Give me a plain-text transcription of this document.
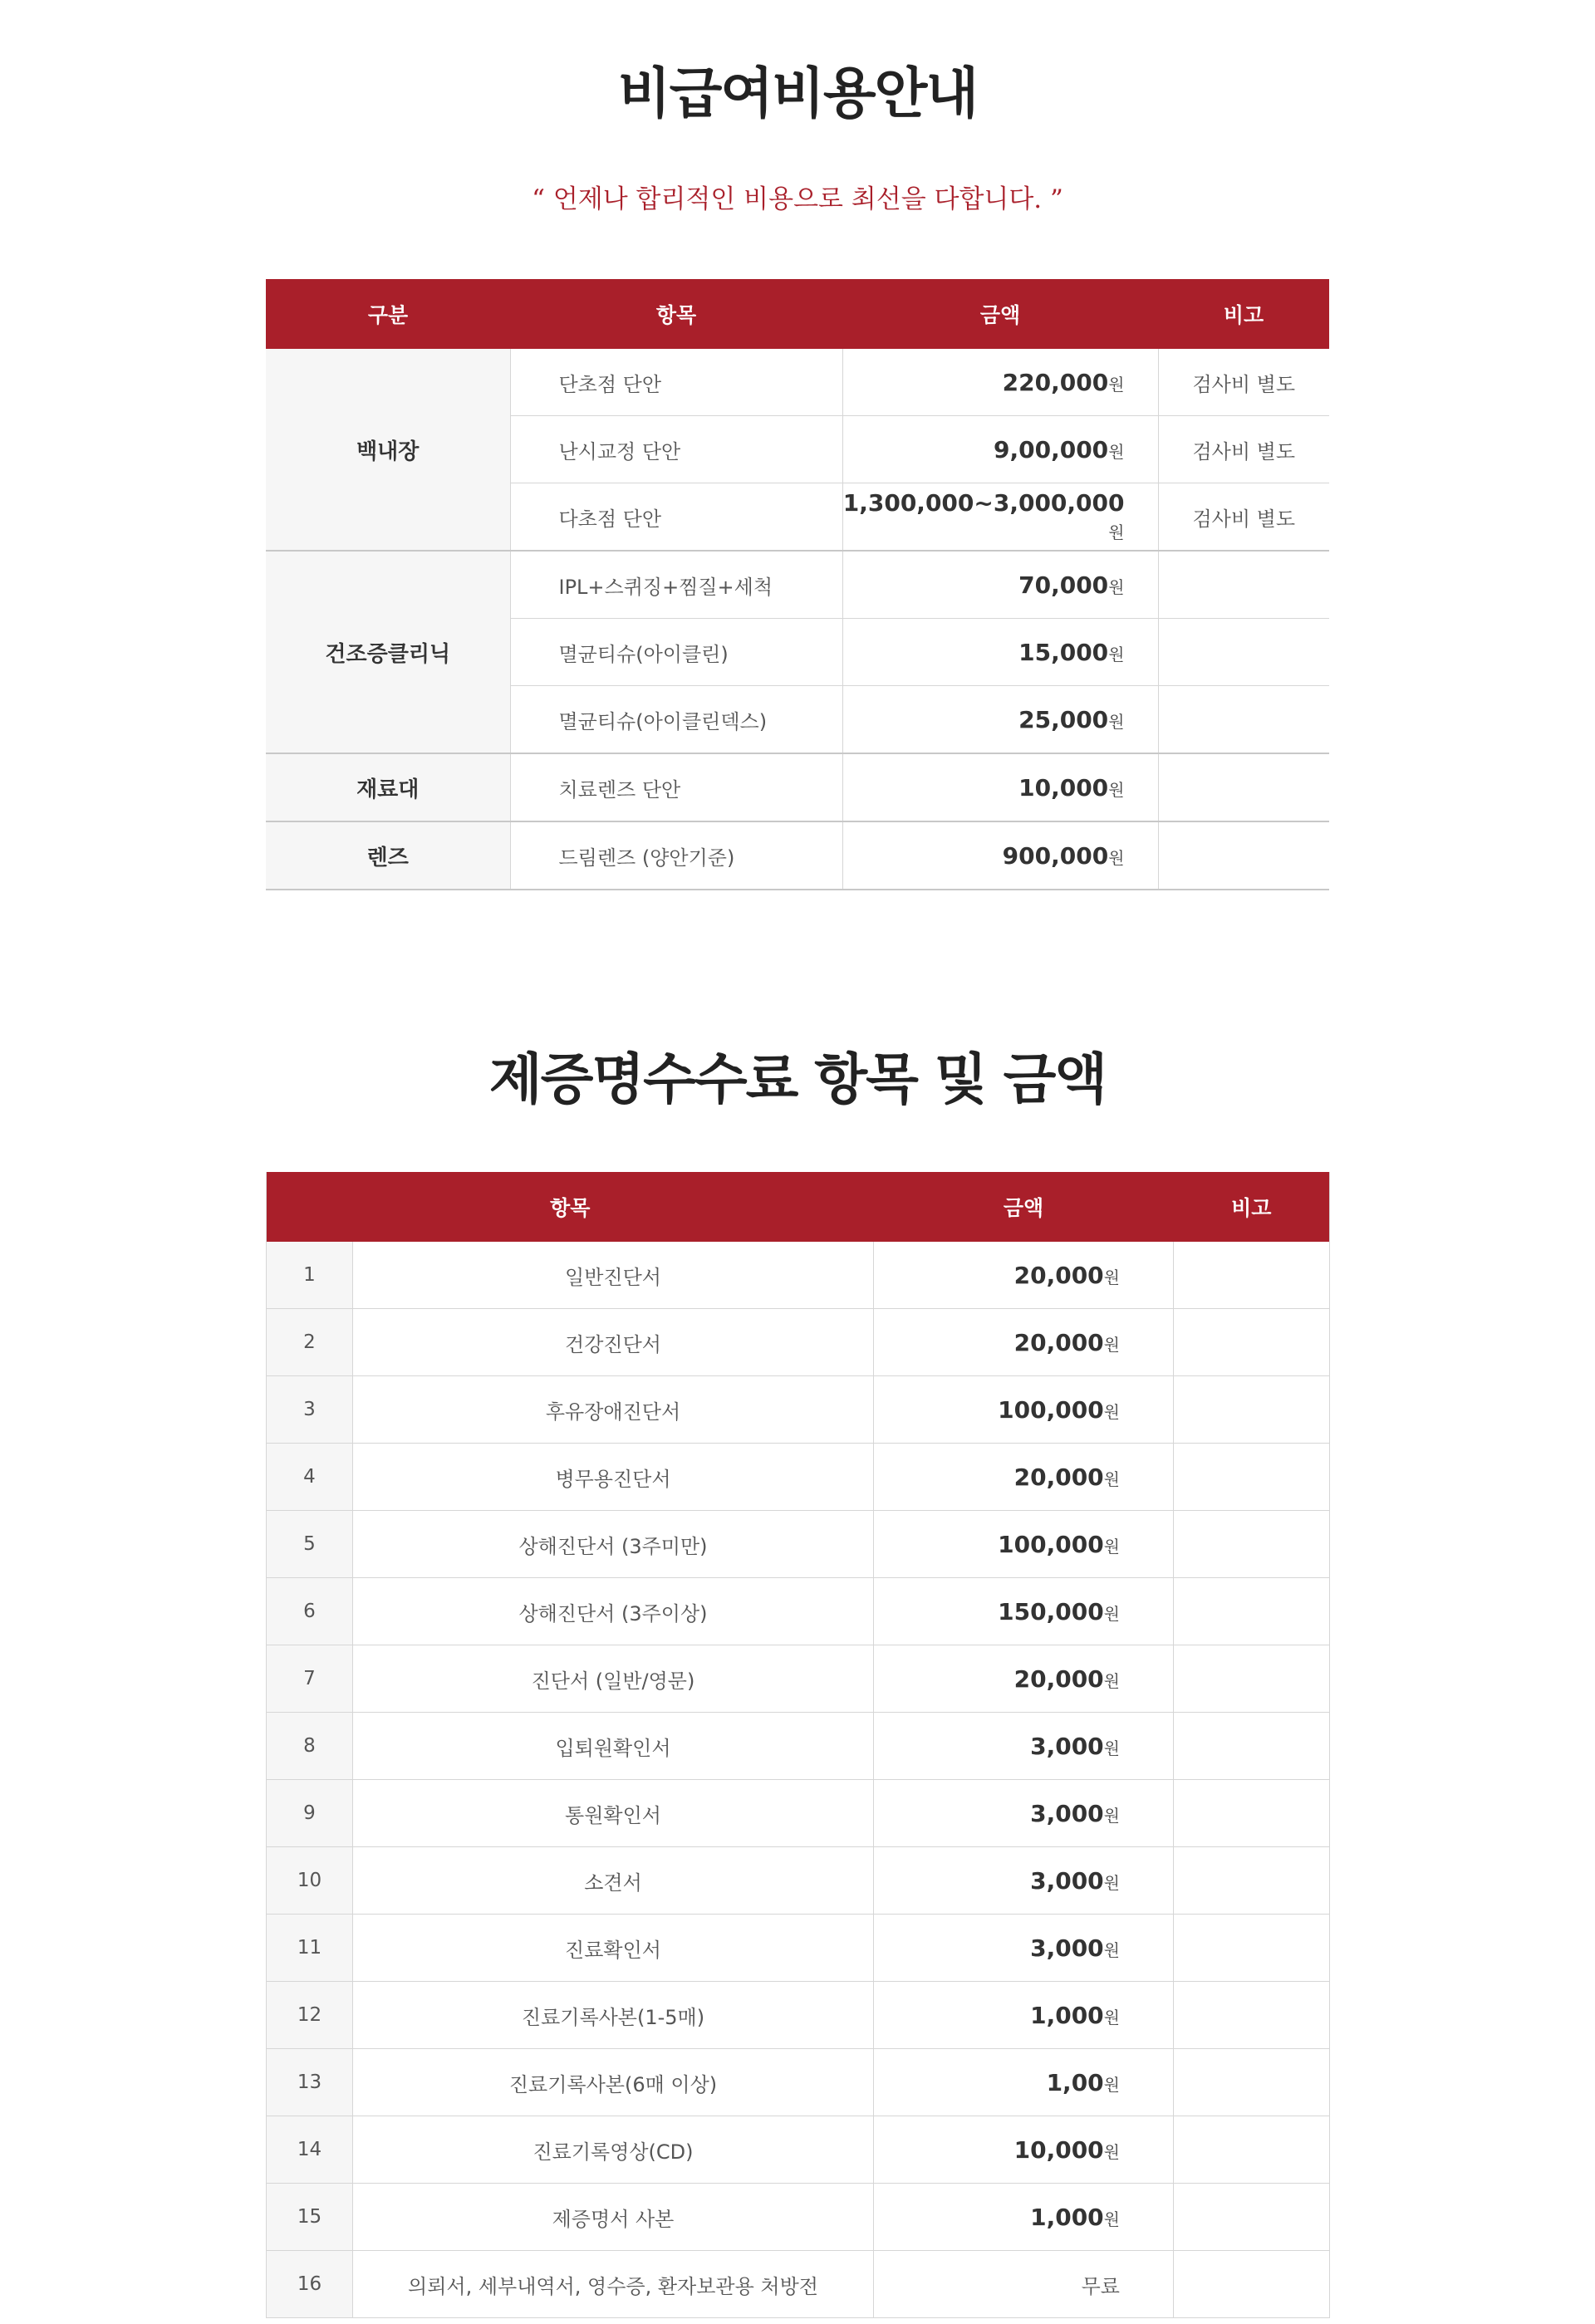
비급여비용안내

“ 언제나 합리적인 비용으로 최선을 다합니다. ”

구분	항목	금액	비고
백내장	단초점 단안	220,000원	검사비 별도
	난시교정 단안	9,00,000원	검사비 별도
	다초점 단안	1,300,000~3,000,000원	검사비 별도
건조증클리닉	IPL+스퀴징+찜질+세척	70,000원	
	멸균티슈(아이클린)	15,000원	
	멸균티슈(아이클린덱스)	25,000원	
재료대	치료렌즈 단안	10,000원	
렌즈	드림렌즈 (양안기준)	900,000원	
제증명수수료 항목 및 금액
항목		금액	비고
1	일반진단서	20,000원	
2	건강진단서	20,000원	
3	후유장애진단서	100,000원	
4	병무용진단서	20,000원	
5	상해진단서 (3주미만)	100,000원	
6	상해진단서 (3주이상)	150,000원	
7	진단서 (일반/영문)	20,000원	
8	입퇴원확인서	3,000원	
9	통원확인서	3,000원	
10	소견서	3,000원	
11	진료확인서	3,000원	
12	진료기록사본(1-5매)	1,000원	
13	진료기록사본(6매 이상)	1,00원	
14	진료기록영상(CD)	10,000원	
15	제증명서 사본	1,000원	
16	의뢰서, 세부내역서, 영수증, 환자보관용 처방전	무료	
